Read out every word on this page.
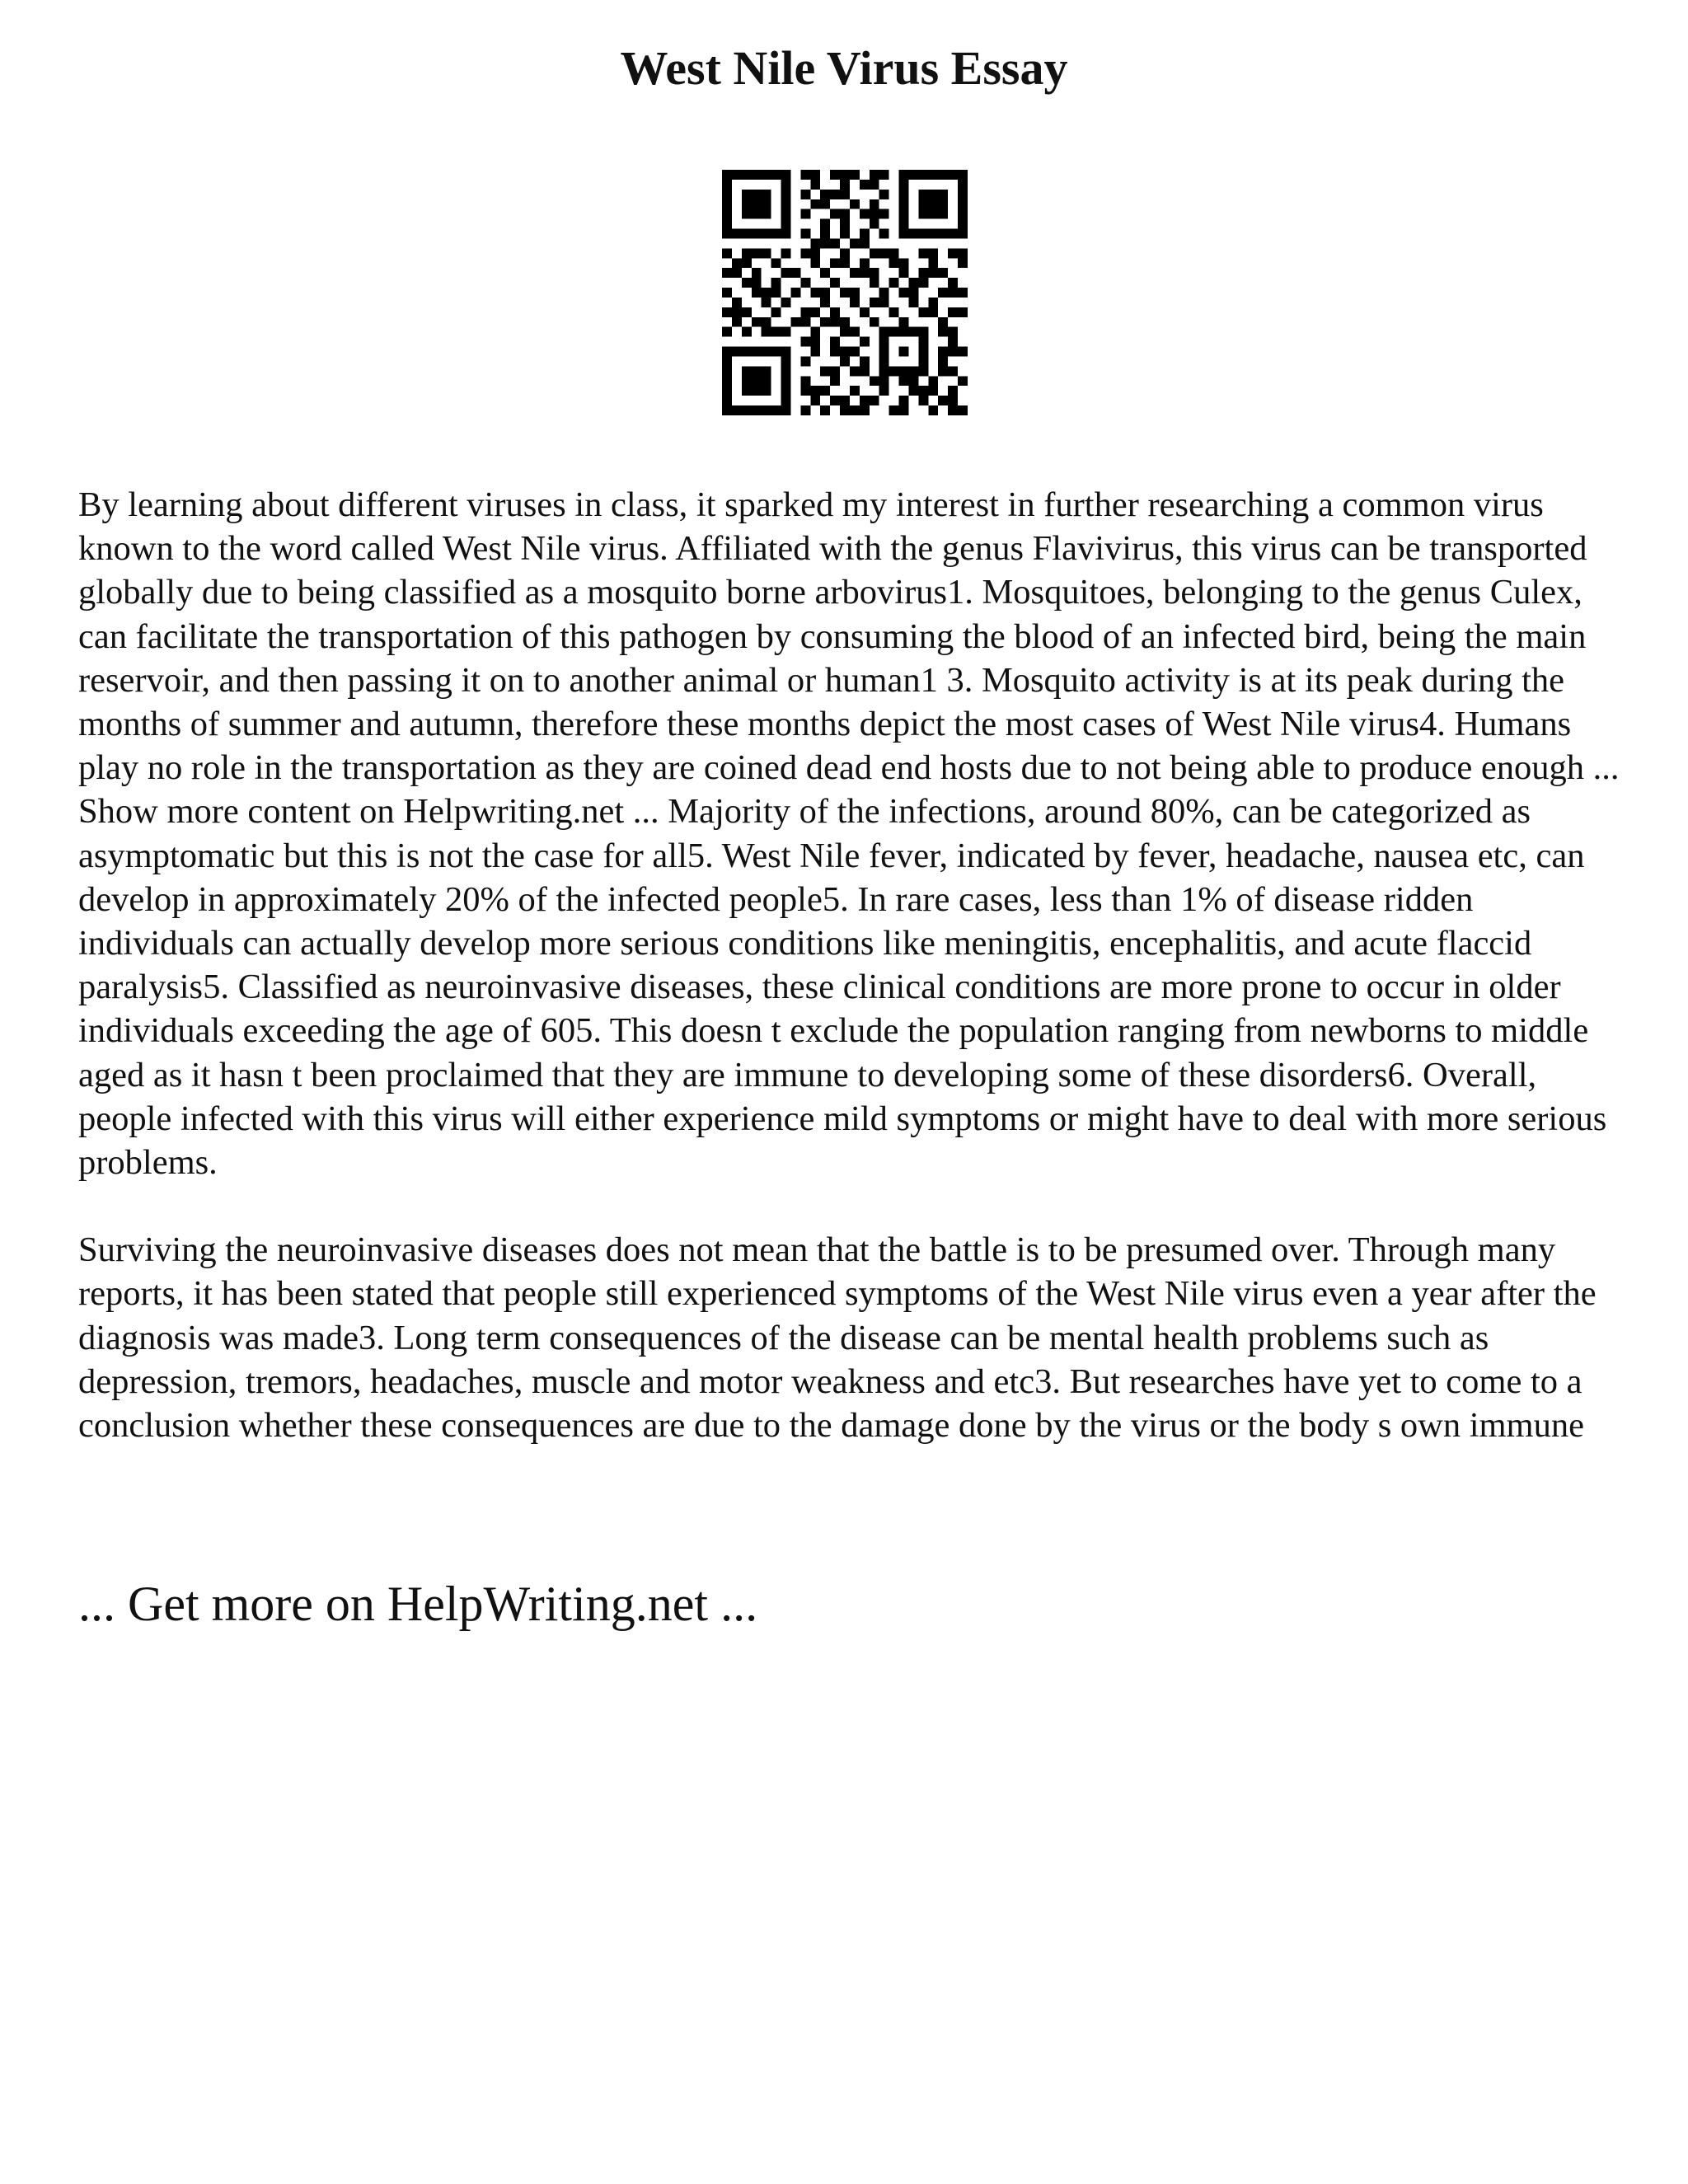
West Nile Virus Essay

By learning about different viruses in class, it sparked my interest in further researching a common virus known to the word called West Nile virus. Affiliated with the genus Flavivirus, this virus can be transported globally due to being classified as a mosquito borne arbovirus1. Mosquitoes, belonging to the genus Culex, can facilitate the transportation of this pathogen by consuming the blood of an infected bird, being the main reservoir, and then passing it on to another animal or human1 3. Mosquito activity is at its peak during the months of summer and autumn, therefore these months depict the most cases of West Nile virus4. Humans play no role in the transportation as they are coined dead end hosts due to not being able to produce enough ... Show more content on Helpwriting.net ... Majority of the infections, around 80%, can be categorized as asymptomatic but this is not the case for all5. West Nile fever, indicated by fever, headache, nausea etc, can develop in approximately 20% of the infected people5. In rare cases, less than 1% of disease ridden individuals can actually develop more serious conditions like meningitis, encephalitis, and acute flaccid paralysis5. Classified as neuroinvasive diseases, these clinical conditions are more prone to occur in older individuals exceeding the age of 605. This doesn t exclude the population ranging from newborns to middle aged as it hasn t been proclaimed that they are immune to developing some of these disorders6. Overall, people infected with this virus will either experience mild symptoms or might have to deal with more serious problems.

Surviving the neuroinvasive diseases does not mean that the battle is to be presumed over. Through many reports, it has been stated that people still experienced symptoms of the West Nile virus even a year after the diagnosis was made3. Long term consequences of the disease can be mental health problems such as depression, tremors, headaches, muscle and motor weakness and etc3. But researches have yet to come to a conclusion whether these consequences are due to the damage done by the virus or the body s own immune

... Get more on HelpWriting.net ...
